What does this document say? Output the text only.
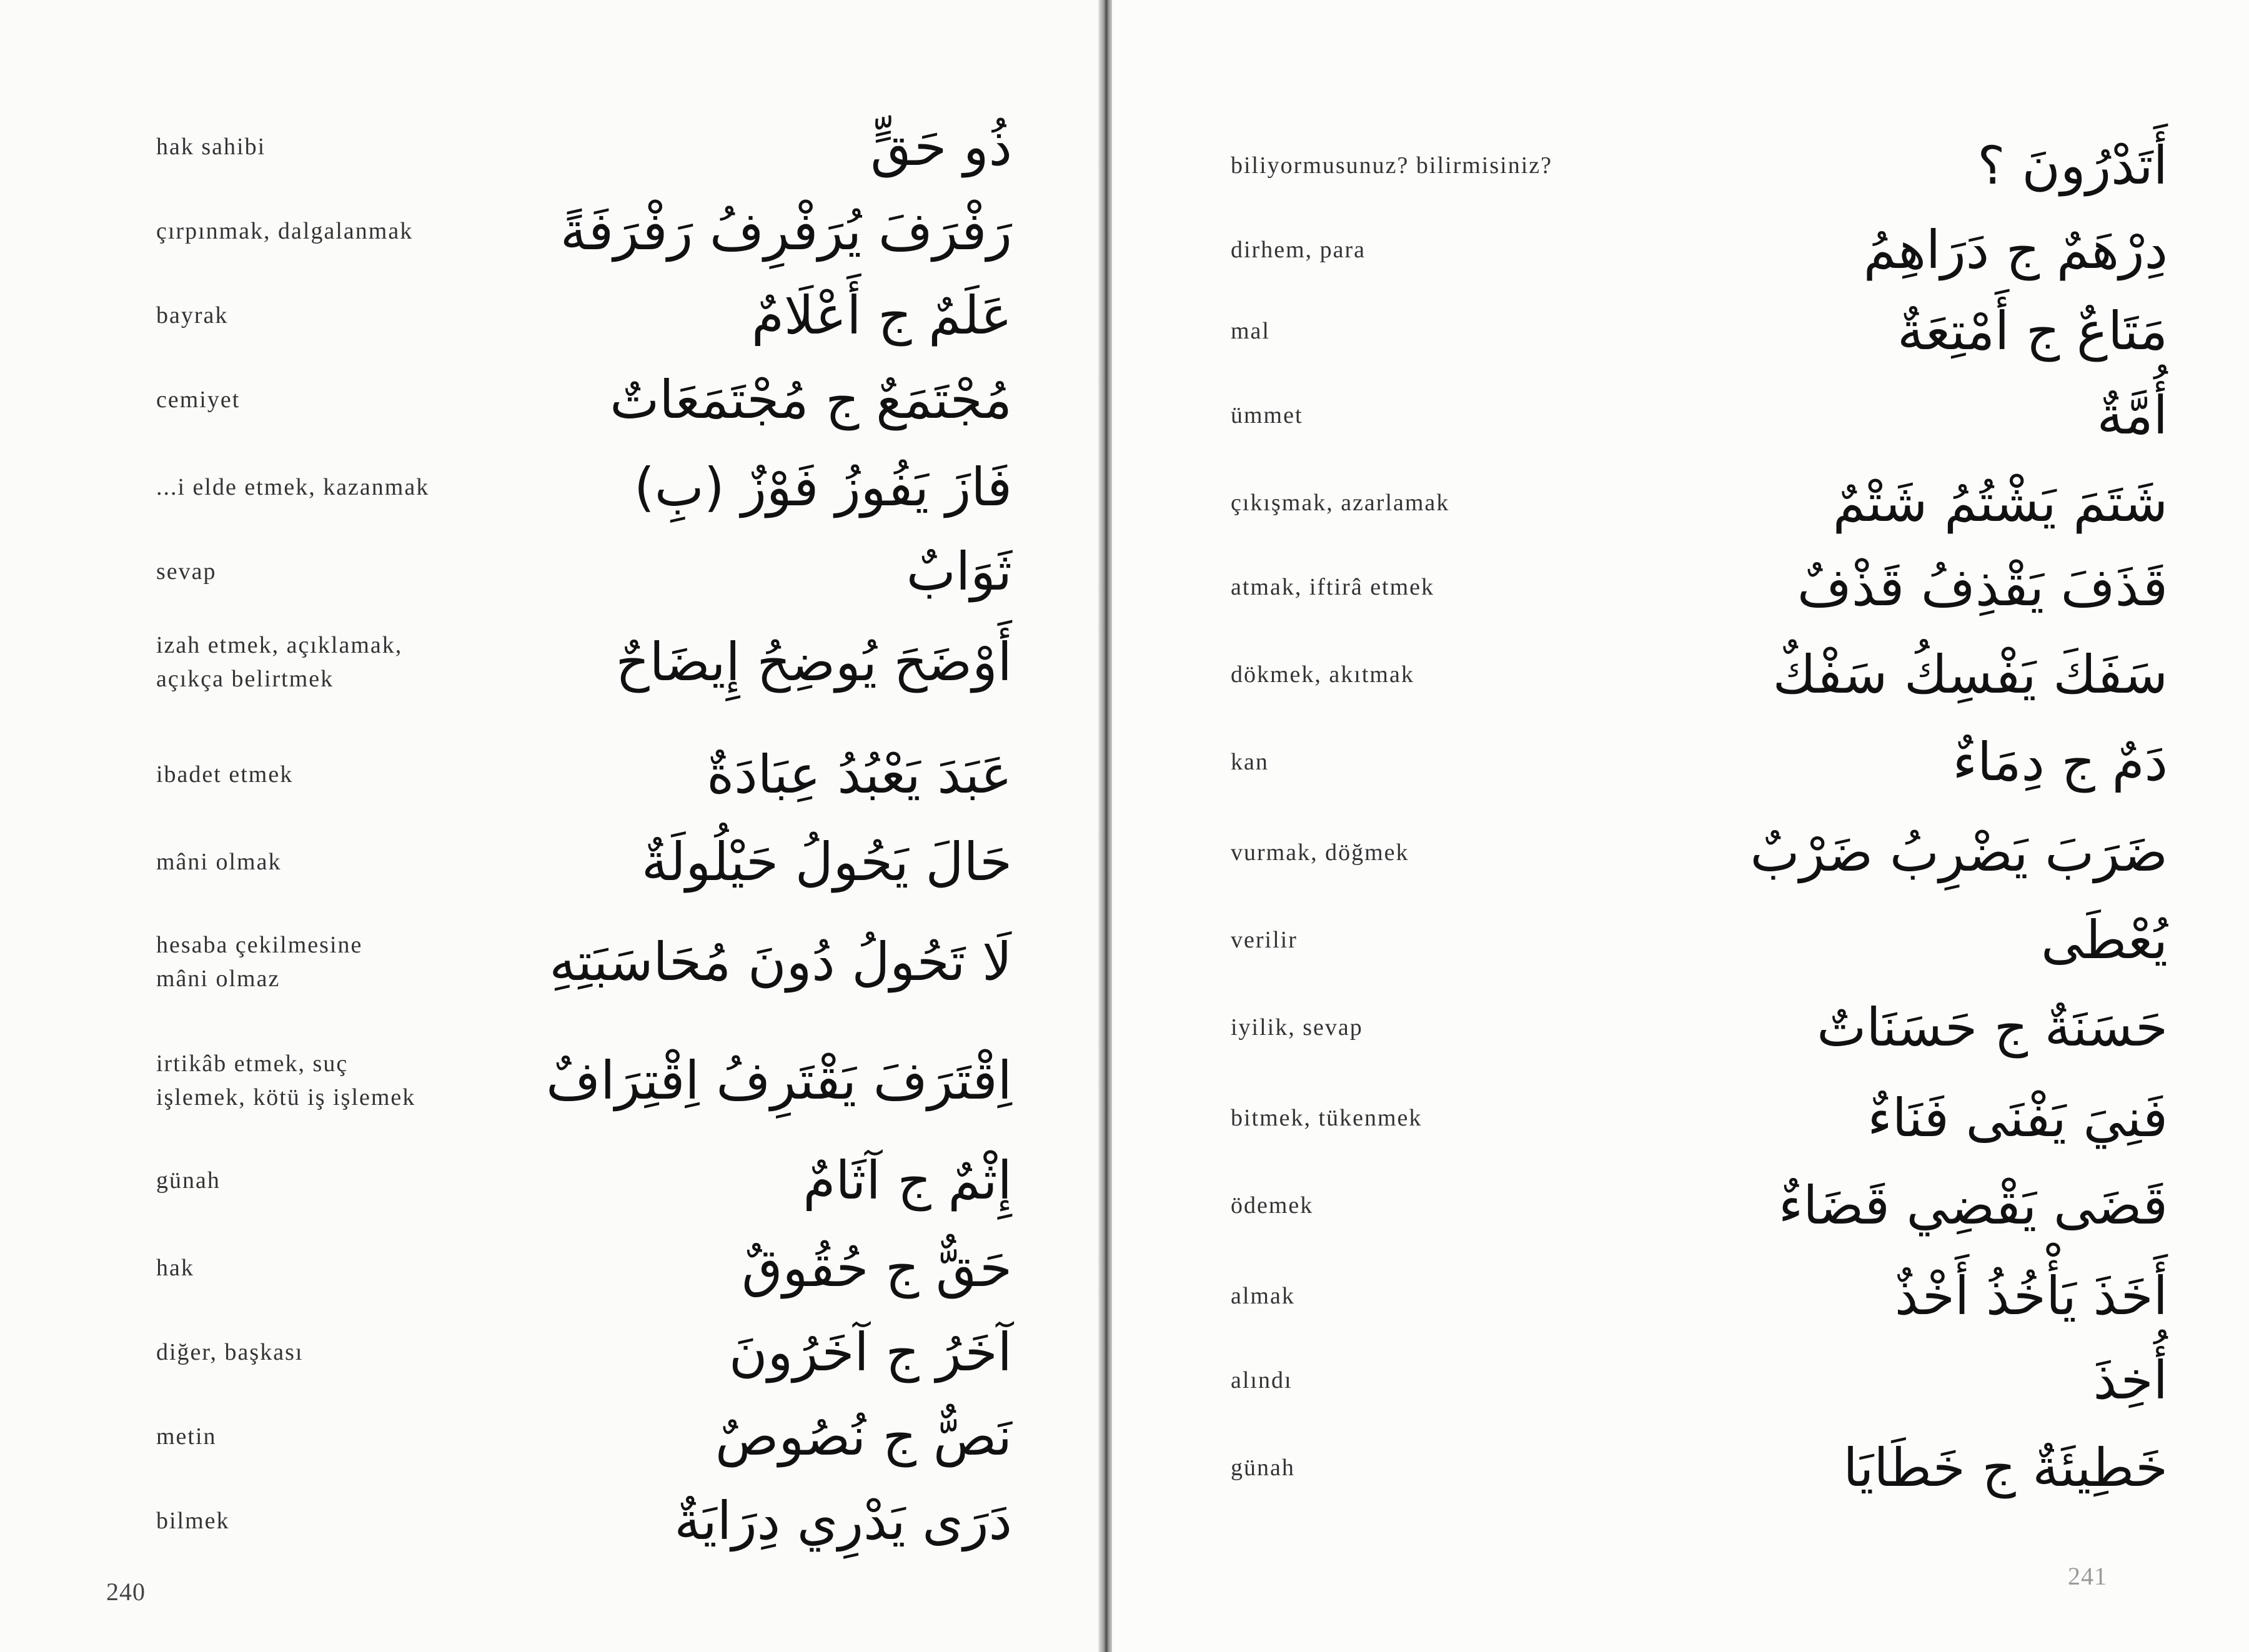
hak sahibi	ذُو حَقٍّ
çırpınmak, dalgalanmak	رَفْرَفَ يُرَفْرِفُ رَفْرَفَةً
bayrak	عَلَمٌ ج أَعْلَامٌ
cemiyet	مُجْتَمَعٌ ج مُجْتَمَعَاتٌ
...i elde etmek, kazanmak	فَازَ يَفُوزُ فَوْزٌ (بِ)
sevap	ثَوَابٌ
izah etmek, açıklamak,
açıkça belirtmek	أَوْضَحَ يُوضِحُ إِيضَاحٌ
ibadet etmek	عَبَدَ يَعْبُدُ عِبَادَةٌ
mâni olmak	حَالَ يَحُولُ حَيْلُولَةٌ
hesaba çekilmesine
mâni olmaz	لَا تَحُولُ دُونَ مُحَاسَبَتِهِ
irtikâb etmek, suç
işlemek, kötü iş işlemek اِقْتَرَفَ يَقْتَرِفُ اِقْتِرَافٌ
günah	إِثْمٌ ج آثَامٌ
hak	حَقٌّ ج حُقُوقٌ
diğer, başkası	آخَرُ ج آخَرُونَ
metin	نَصٌّ ج نُصُوصٌ
bilmek	دَرَى يَدْرِي دِرَايَةٌ
240
biliyormusunuz? bilirmisiniz?	أَتَدْرُونَ ؟
dirhem, para	دِرْهَمٌ ج دَرَاهِمُ
mal	مَتَاعٌ ج أَمْتِعَةٌ
ümmet	أُمَّةٌ
çıkışmak, azarlamak	شَتَمَ يَشْتُمُ شَتْمٌ
atmak, iftirâ etmek	قَذَفَ يَقْذِفُ قَذْفٌ
dökmek, akıtmak	سَفَكَ يَفْسِكُ سَفْكٌ
kan	دَمٌ ج دِمَاءٌ
vurmak, döğmek	ضَرَبَ يَضْرِبُ ضَرْبٌ
verilir	يُعْطَى
iyilik, sevap	حَسَنَةٌ ج حَسَنَاتٌ
bitmek, tükenmek	فَنِيَ يَفْنَى فَنَاءٌ
ödemek	قَضَى يَقْضِي قَضَاءٌ
almak	أَخَذَ يَأْخُذُ أَخْذٌ
alındı	أُخِذَ
günah	خَطِيئَةٌ ج خَطَايَا
241
